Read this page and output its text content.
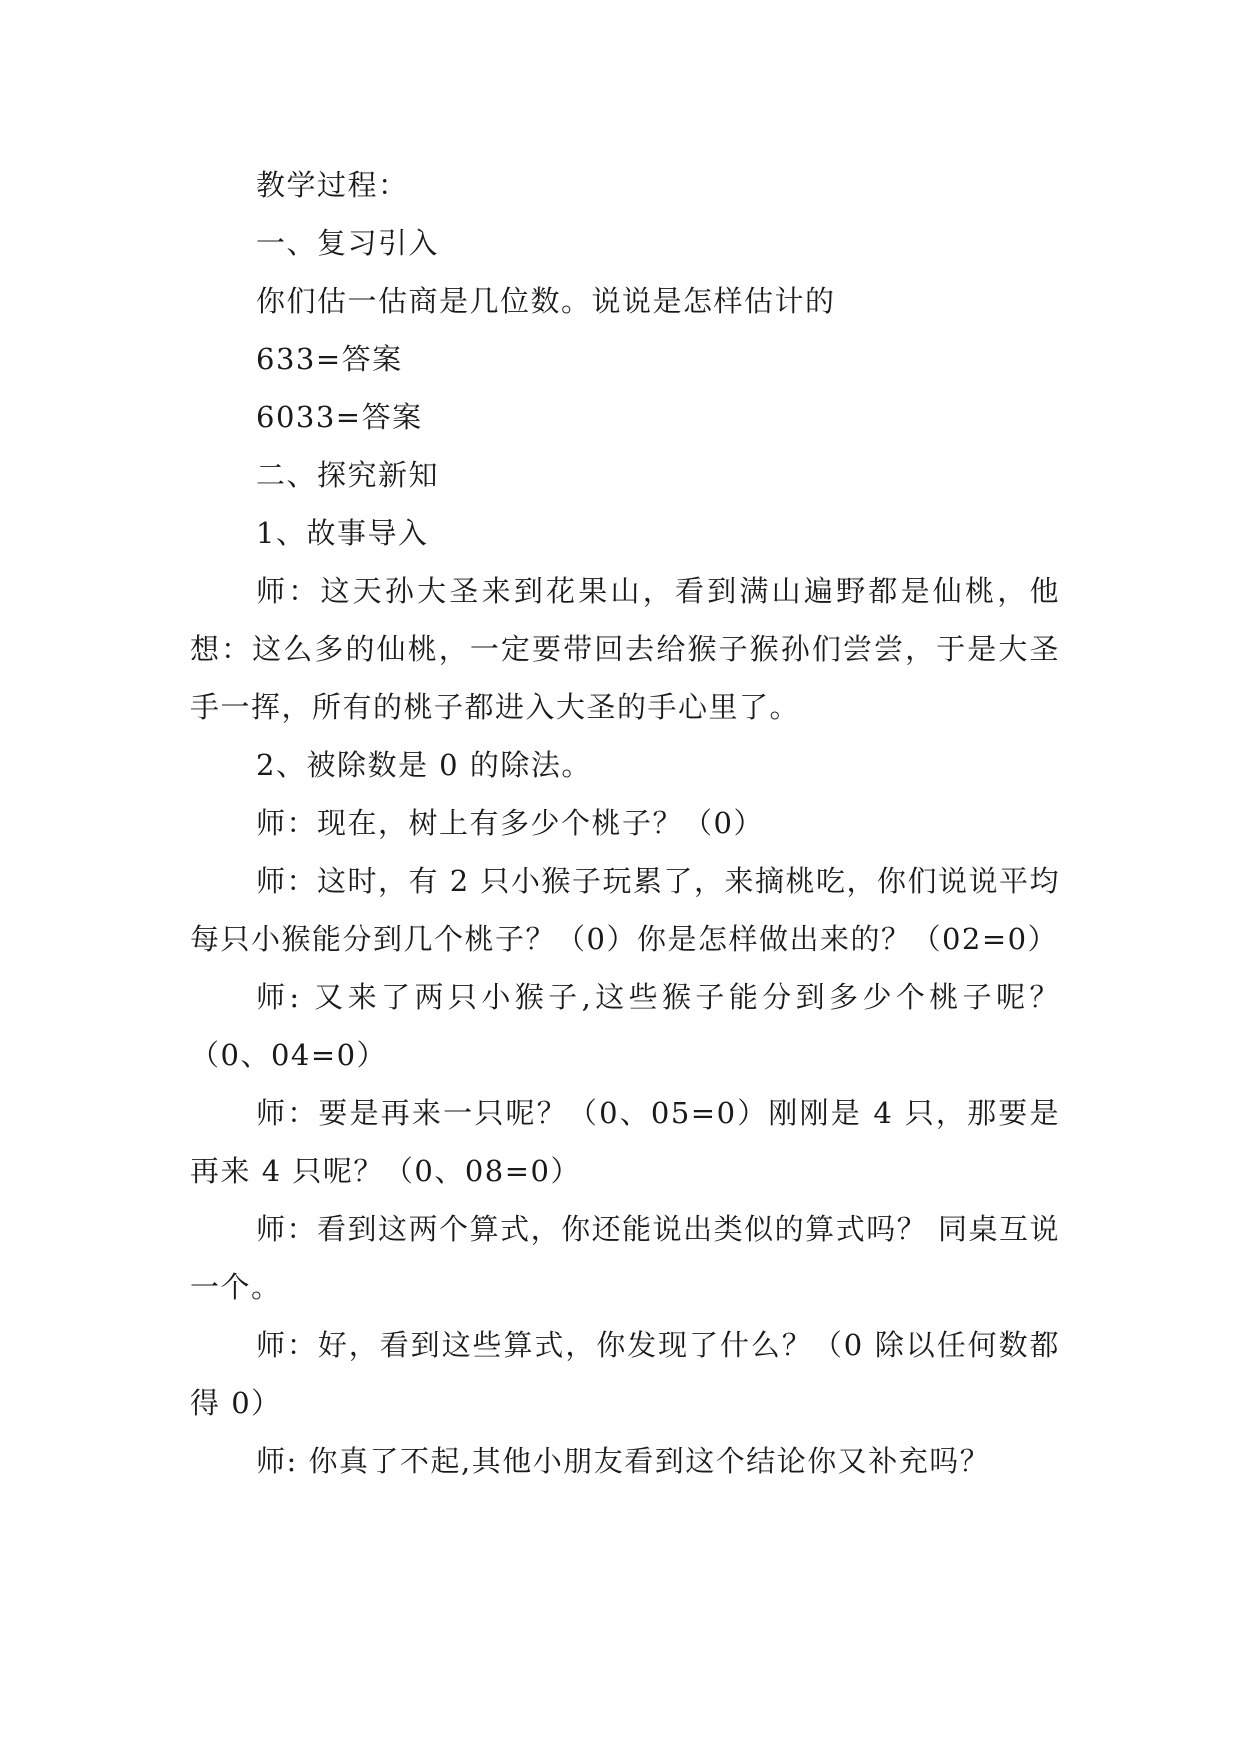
教学过程：

一、复习引入

你们估一估商是几位数。说说是怎样估计的

633=答案

6033=答案

二、探究新知

1、故事导入

师：这天孙大圣来到花果山，看到满山遍野都是仙桃，他想：这么多的仙桃，一定要带回去给猴子猴孙们尝尝，于是大圣手一挥，所有的桃子都进入大圣的手心里了。

2、被除数是 0 的除法。

师：现在，树上有多少个桃子？（0）

师：这时，有 2 只小猴子玩累了，来摘桃吃，你们说说平均每只小猴能分到几个桃子？（0）你是怎样做出来的？（02=0）

师: 又来了两只小猴子,这些猴子能分到多少个桃子呢？（0、04=0）

师：要是再来一只呢？（0、05=0）刚刚是 4 只，那要是再来 4 只呢？（0、08=0）

师：看到这两个算式，你还能说出类似的算式吗？ 同桌互说一个。

师：好，看到这些算式，你发现了什么？（0 除以任何数都得 0）

师: 你真了不起,其他小朋友看到这个结论你又补充吗？
